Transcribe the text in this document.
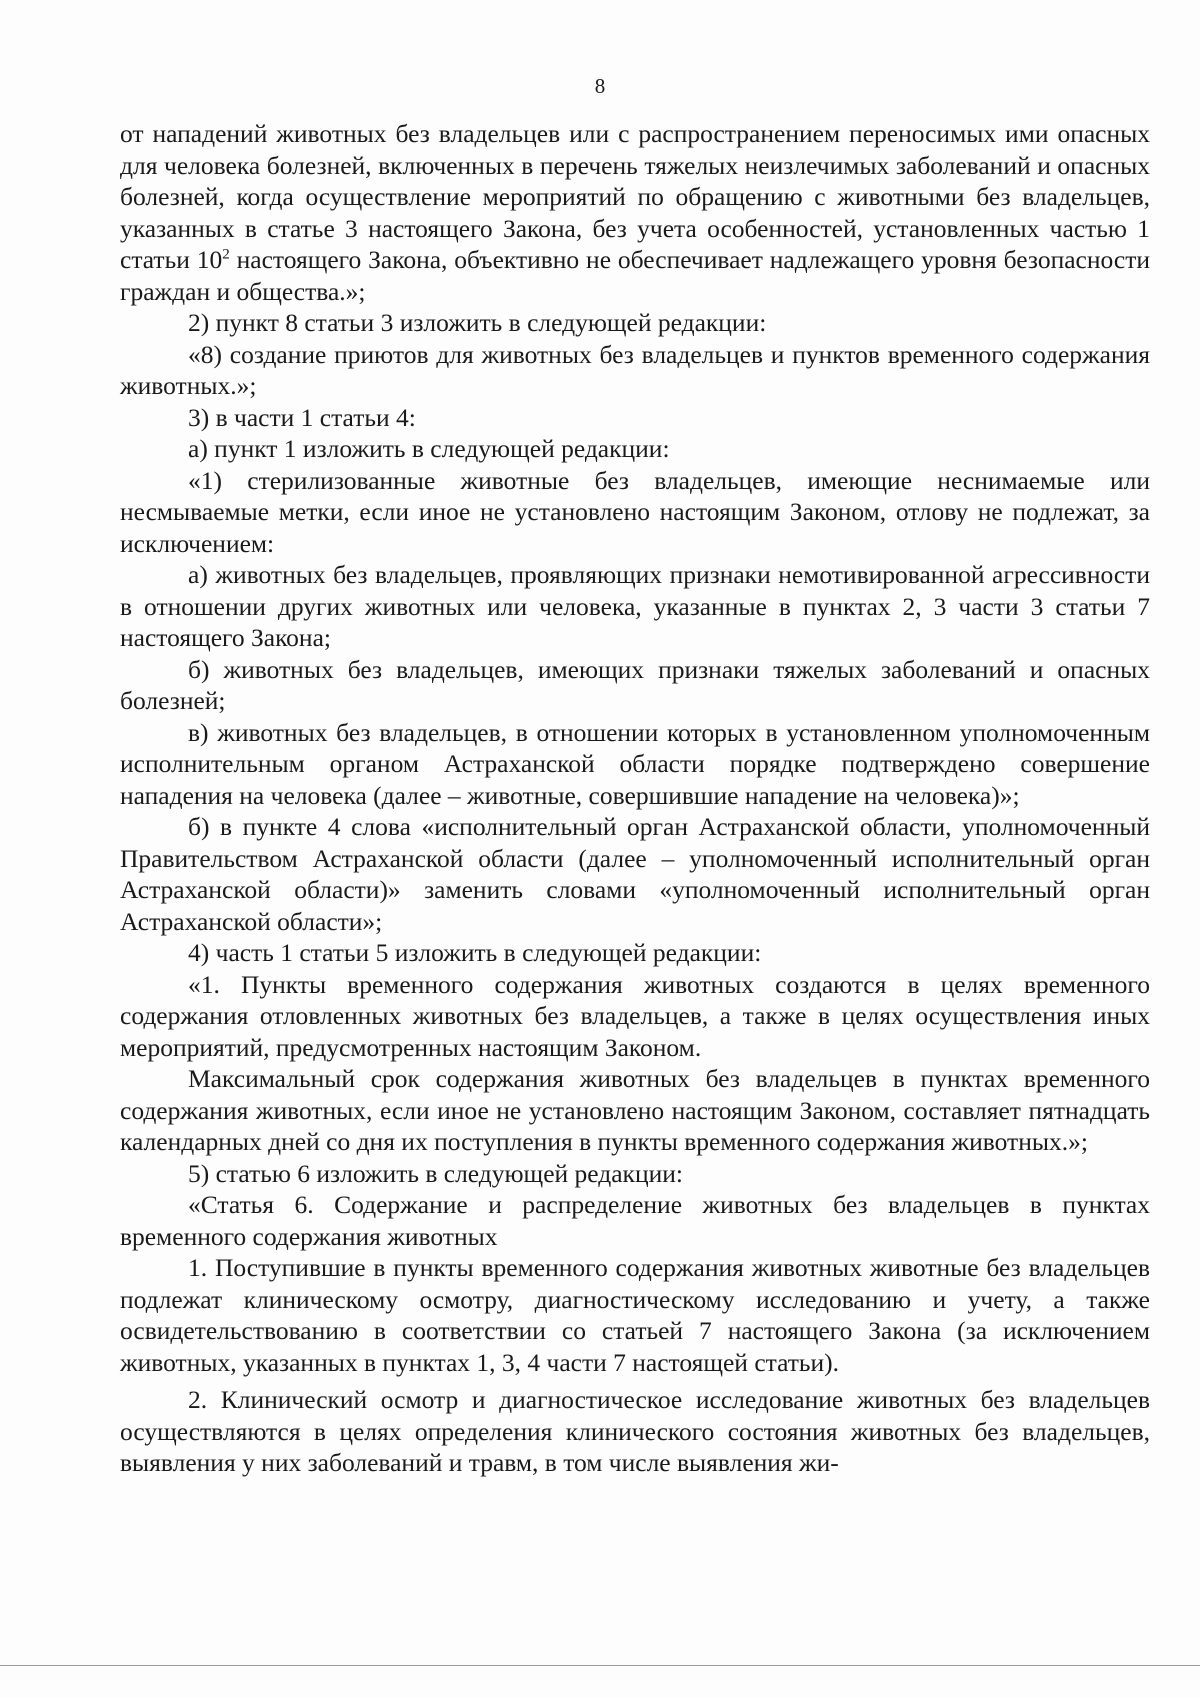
8

от нападений животных без владельцев или с распространением переносимых ими опасных для человека болезней, включенных в перечень тяжелых неизлечимых заболеваний и опасных болезней, когда осуществление мероприятий по обращению с животными без владельцев, указанных в статье 3 настоящего Закона, без учета особенностей, установленных частью 1 статьи $10^2$ настоящего Закона, объективно не обеспечивает надлежащего уровня безопасности граждан и общества.»;

2) пункт 8 статьи 3 изложить в следующей редакции:

«8) создание приютов для животных без владельцев и пунктов временного содержания животных.»;

3) в части 1 статьи 4:

а) пункт 1 изложить в следующей редакции:

«1) стерилизованные животные без владельцев, имеющие неснимаемые или несмываемые метки, если иное не установлено настоящим Законом, отлову не подлежат, за исключением:

а) животных без владельцев, проявляющих признаки немотивированной агрессивности в отношении других животных или человека, указанные в пунктах 2, 3 части 3 статьи 7 настоящего Закона;

б) животных без владельцев, имеющих признаки тяжелых заболеваний и опасных болезней;

в) животных без владельцев, в отношении которых в установленном уполномоченным исполнительным органом Астраханской области порядке подтверждено совершение нападения на человека (далее – животные, совершившие нападение на человека)»;

б) в пункте 4 слова «исполнительный орган Астраханской области, уполномоченный Правительством Астраханской области (далее – уполномоченный исполнительный орган Астраханской области)» заменить словами «уполномоченный исполнительный орган Астраханской области»;

4) часть 1 статьи 5 изложить в следующей редакции:

«1. Пункты временного содержания животных создаются в целях временного содержания отловленных животных без владельцев, а также в целях осуществления иных мероприятий, предусмотренных настоящим Законом.

Максимальный срок содержания животных без владельцев в пунктах временного содержания животных, если иное не установлено настоящим Законом, составляет пятнадцать календарных дней со дня их поступления в пункты временного содержания животных.»;

5) статью 6 изложить в следующей редакции:

«Статья 6. Содержание и распределение животных без владельцев в пунктах временного содержания животных

1. Поступившие в пункты временного содержания животных животные без владельцев подлежат клиническому осмотру, диагностическому исследованию и учету, а также освидетельствованию в соответствии со статьей 7 настоящего Закона (за исключением животных, указанных в пунктах 1, 3, 4 части 7 настоящей статьи).

2. Клинический осмотр и диагностическое исследование животных без владельцев осуществляются в целях определения клинического состояния животных без владельцев, выявления у них заболеваний и травм, в том числе выявления жи-
